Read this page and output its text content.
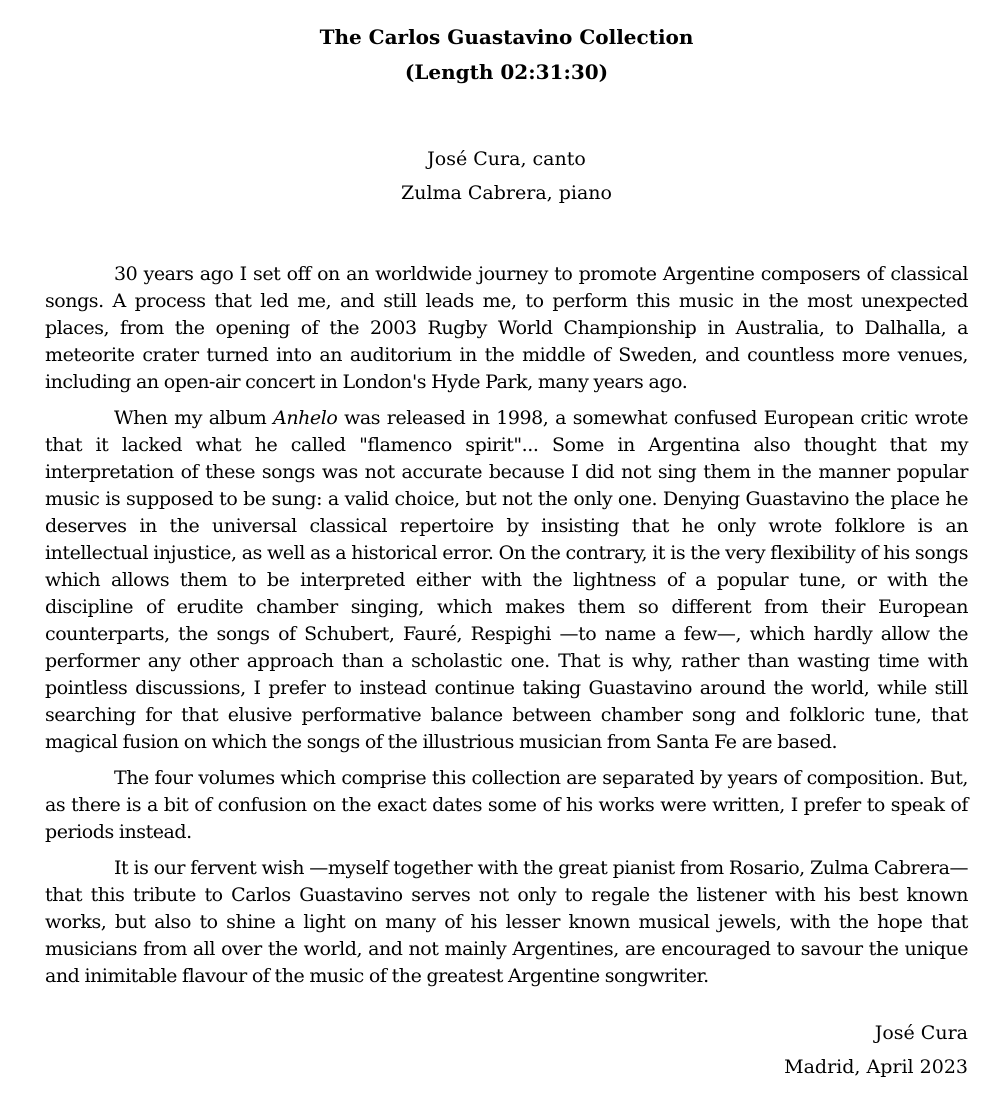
The Carlos Guastavino Collection
(Length 02:31:30)
José Cura, canto
Zulma Cabrera, piano

30 years ago I set off on an worldwide journey to promote Argentine composers of classical songs. A process that led me, and still leads me, to perform this music in the most unexpected places, from the opening of the 2003 Rugby World Championship in Australia, to Dalhalla, a meteorite crater turned into an auditorium in the middle of Sweden, and countless more venues, including an open-air concert in London's Hyde Park, many years ago.

When my album Anhelo was released in 1998, a somewhat confused European critic wrote that it lacked what he called "flamenco spirit"... Some in Argentina also thought that my interpretation of these songs was not accurate because I did not sing them in the manner popular music is supposed to be sung: a valid choice, but not the only one. Denying Guastavino the place he deserves in the universal classical repertoire by insisting that he only wrote folklore is an intellectual injustice, as well as a historical error. On the contrary, it is the very flexibility of his songs which allows them to be interpreted either with the lightness of a popular tune, or with the discipline of erudite chamber singing, which makes them so different from their European counterparts, the songs of Schubert, Fauré, Respighi —to name a few—, which hardly allow the performer any other approach than a scholastic one. That is why, rather than wasting time with pointless discussions, I prefer to instead continue taking Guastavino around the world, while still searching for that elusive performative balance between chamber song and folkloric tune, that magical fusion on which the songs of the illustrious musician from Santa Fe are based.

The four volumes which comprise this collection are separated by years of composition. But, as there is a bit of confusion on the exact dates some of his works were written, I prefer to speak of periods instead.

It is our fervent wish —myself together with the great pianist from Rosario, Zulma Cabrera— that this tribute to Carlos Guastavino serves not only to regale the listener with his best known works, but also to shine a light on many of his lesser known musical jewels, with the hope that musicians from all over the world, and not mainly Argentines, are encouraged to savour the unique and inimitable flavour of the music of the greatest Argentine songwriter.

José Cura
Madrid, April 2023
